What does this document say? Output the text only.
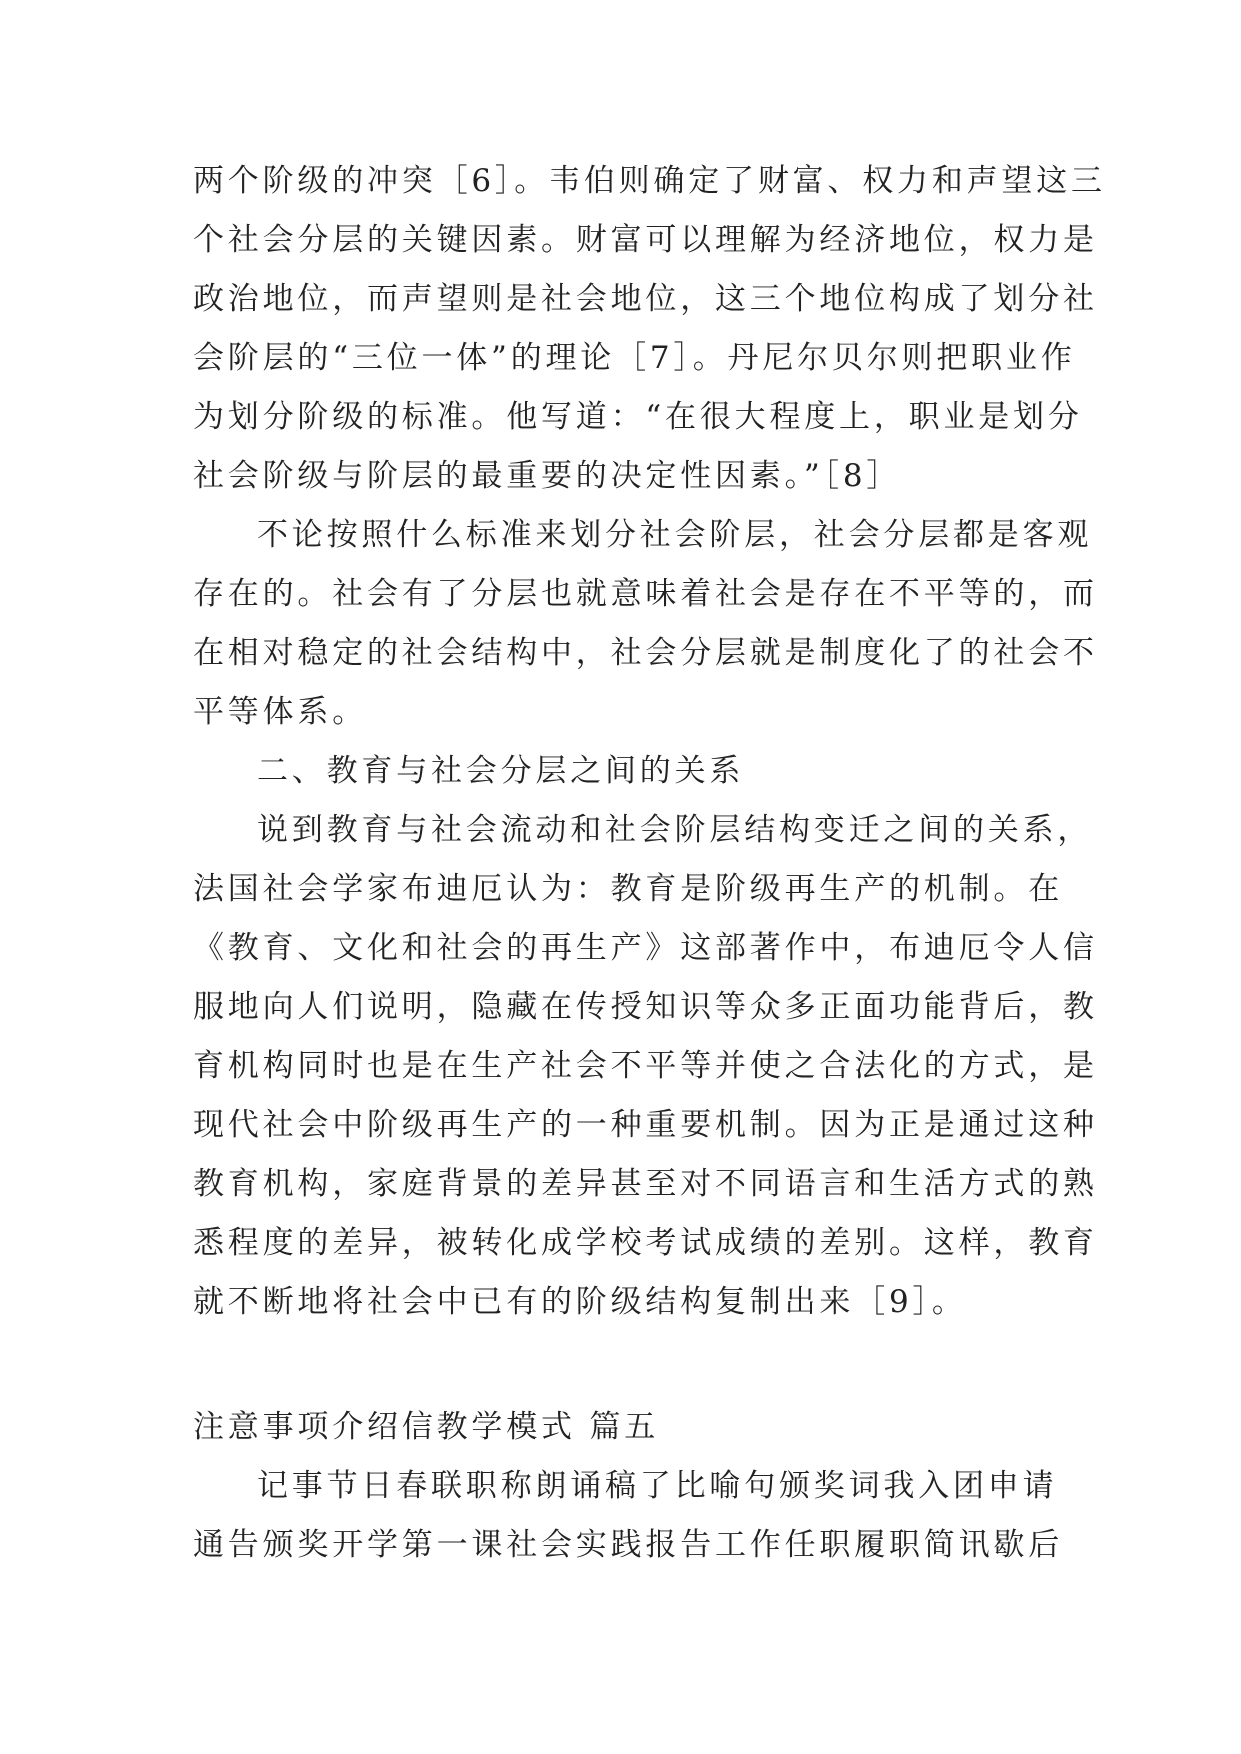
两个阶级的冲突［6］。韦伯则确定了财富、权力和声望这三
个社会分层的关键因素。财富可以理解为经济地位，权力是
政治地位，而声望则是社会地位，这三个地位构成了划分社
会阶层的“三位一体”的理论［7］。丹尼尔贝尔则把职业作
为划分阶级的标准。他写道：“在很大程度上，职业是划分
社会阶级与阶层的最重要的决定性因素。”［8］
不论按照什么标准来划分社会阶层，社会分层都是客观
存在的。社会有了分层也就意味着社会是存在不平等的，而
在相对稳定的社会结构中，社会分层就是制度化了的社会不
平等体系。
二、教育与社会分层之间的关系
说到教育与社会流动和社会阶层结构变迁之间的关系，
法国社会学家布迪厄认为：教育是阶级再生产的机制。在
《教育、文化和社会的再生产》这部著作中，布迪厄令人信
服地向人们说明，隐藏在传授知识等众多正面功能背后，教
育机构同时也是在生产社会不平等并使之合法化的方式，是
现代社会中阶级再生产的一种重要机制。因为正是通过这种
教育机构，家庭背景的差异甚至对不同语言和生活方式的熟
悉程度的差异，被转化成学校考试成绩的差别。这样，教育
就不断地将社会中已有的阶级结构复制出来［9］。
注意事项介绍信教学模式 篇五
记事节日春联职称朗诵稿了比喻句颁奖词我入团申请
通告颁奖开学第一课社会实践报告工作任职履职简讯歇后
